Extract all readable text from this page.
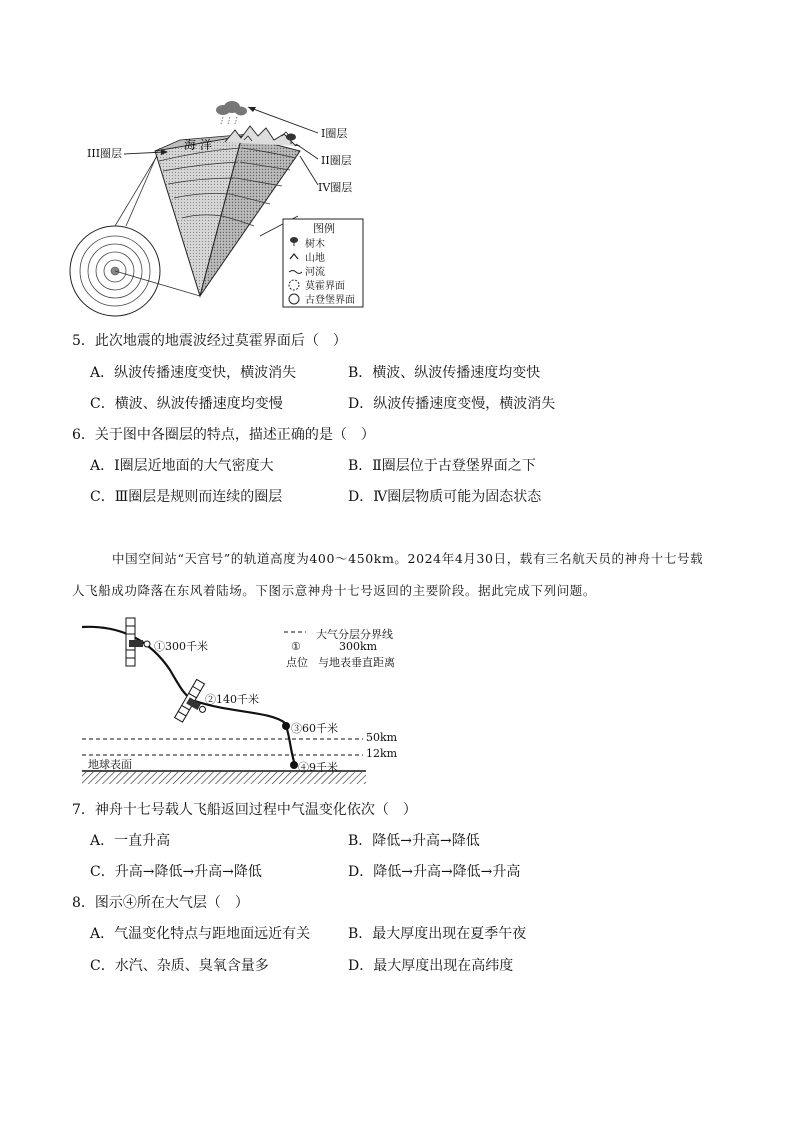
海 洋
I圈层
II圈层
III圈层
IV圈层
图例
树木
山地
河流
莫霍界面
古登堡界面
5．此次地震的地震波经过莫霍界面后（　）
A．纵波传播速度变快，横波消失	B．横波、纵波传播速度均变快
C．横波、纵波传播速度均变慢	D．纵波传播速度变慢，横波消失
6．关于图中各圈层的特点，描述正确的是（　）
A．Ⅰ圈层近地面的大气密度大	B．Ⅱ圈层位于古登堡界面之下
C．Ⅲ圈层是规则而连续的圈层	D．Ⅳ圈层物质可能为固态状态
中国空间站“天宫号”的轨道高度为400～450km。2024年4月30日，载有三名航天员的神舟十七号载
人飞船成功降落在东风着陆场。下图示意神舟十七号返回的主要阶段。据此完成下列问题。
①300千米
②140千米
③60千米
④9千米
大气分层分界线
①	300km
点位 与地表垂直距离
50km
12km
地球表面
7．神舟十七号载人飞船返回过程中气温变化依次（　）
A．一直升高	B．降低→升高→降低
C．升高→降低→升高→降低	D．降低→升高→降低→升高
8．图示④所在大气层（　）
A．气温变化特点与距地面远近有关	B．最大厚度出现在夏季午夜
C．水汽、杂质、臭氧含量多	D．最大厚度出现在高纬度
